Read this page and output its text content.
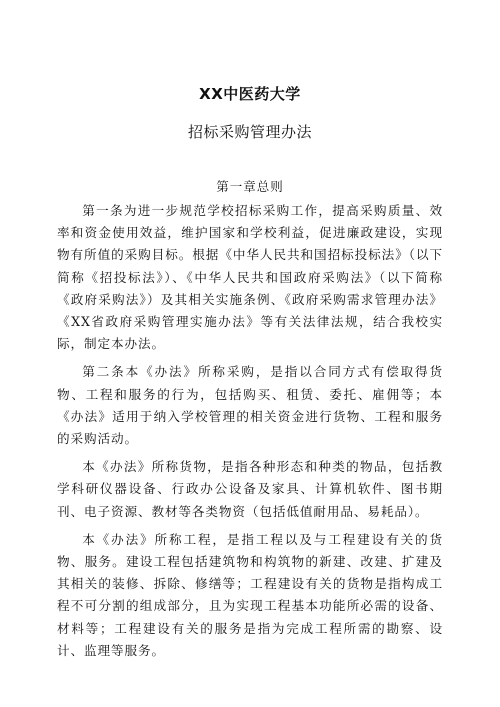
XX中医药大学
招标采购管理办法
第一章总则

第一条为进一步规范学校招标采购工作，提高采购质量、效率和资金使用效益，维护国家和学校利益，促进廉政建设，实现物有所值的采购目标。根据《中华人民共和国招标投标法》（以下简称《招投标法》）、《中华人民共和国政府采购法》（以下简称《政府采购法》）及其相关实施条例、《政府采购需求管理办法》《XX省政府采购管理实施办法》等有关法律法规，结合我校实际，制定本办法。

第二条本《办法》所称采购，是指以合同方式有偿取得货物、工程和服务的行为，包括购买、租赁、委托、雇佣等；本《办法》适用于纳入学校管理的相关资金进行货物、工程和服务的采购活动。

本《办法》所称货物，是指各种形态和种类的物品，包括教学科研仪器设备、行政办公设备及家具、计算机软件、图书期刊、电子资源、教材等各类物资（包括低值耐用品、易耗品）。

本《办法》所称工程，是指工程以及与工程建设有关的货物、服务。建设工程包括建筑物和构筑物的新建、改建、扩建及其相关的装修、拆除、修缮等；工程建设有关的货物是指构成工程不可分割的组成部分，且为实现工程基本功能所必需的设备、材料等；工程建设有关的服务是指为完成工程所需的勘察、设计、监理等服务。
